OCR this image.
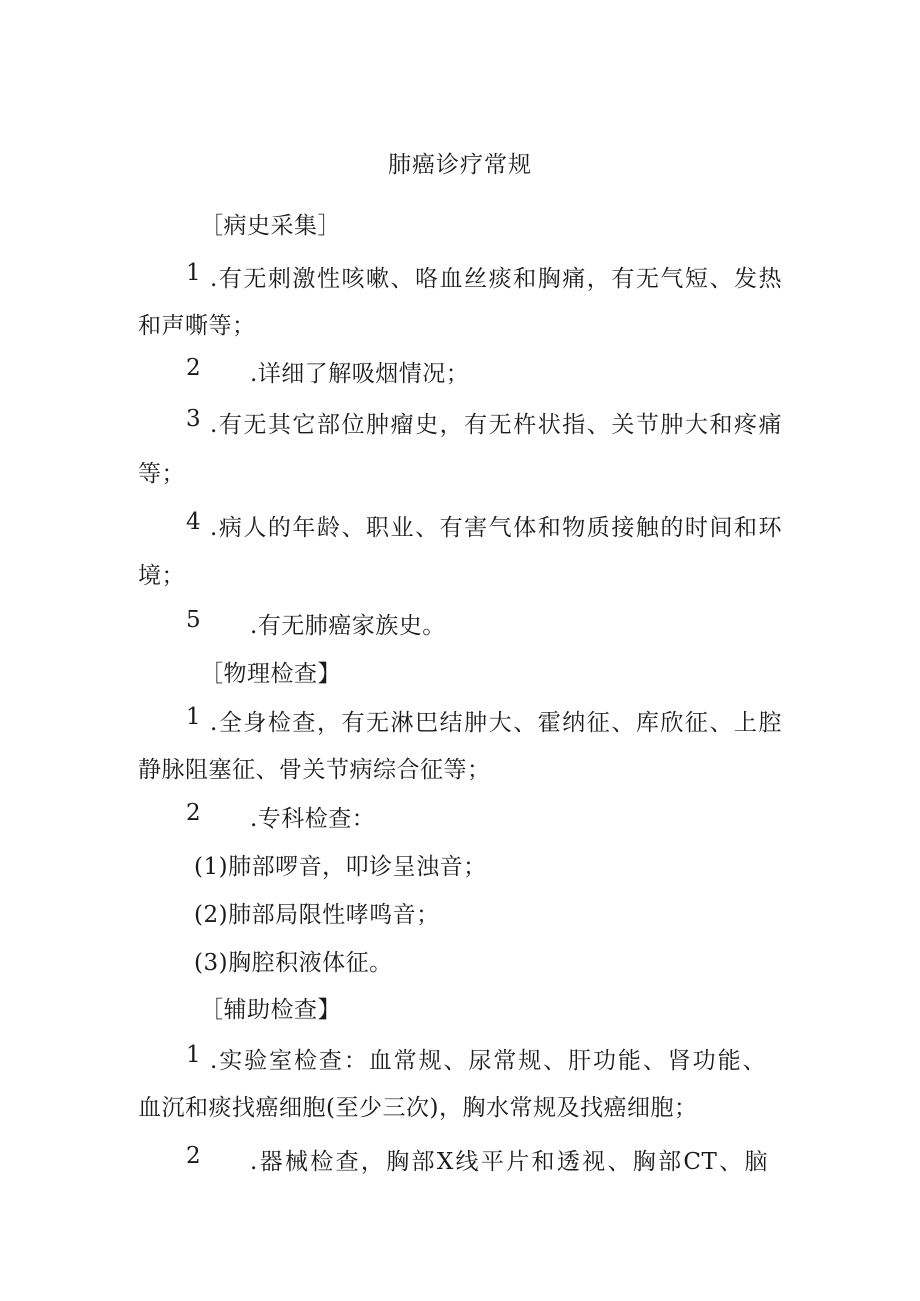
肺癌诊疗常规
［病史采集］
1 .有无刺激性咳嗽、咯血丝痰和胸痛，有无气短、发热
和声嘶等；
2 .详细了解吸烟情况；
3 .有无其它部位肿瘤史，有无杵状指、关节肿大和疼痛
等；
4 .病人的年龄、职业、有害气体和物质接触的时间和环
境；
5 .有无肺癌家族史。
［物理检查】
1 .全身检查，有无淋巴结肿大、霍纳征、库欣征、上腔
静脉阻塞征、骨关节病综合征等；
2 .专科检查：
(1)肺部啰音，叩诊呈浊音；
(2)肺部局限性哮鸣音；
(3)胸腔积液体征。
［辅助检查】
1 .实验室检查：血常规、尿常规、肝功能、肾功能、
血沉和痰找癌细胞(至少三次)，胸水常规及找癌细胞；
2 .器械检查，胸部X线平片和透视、胸部CT、脑
